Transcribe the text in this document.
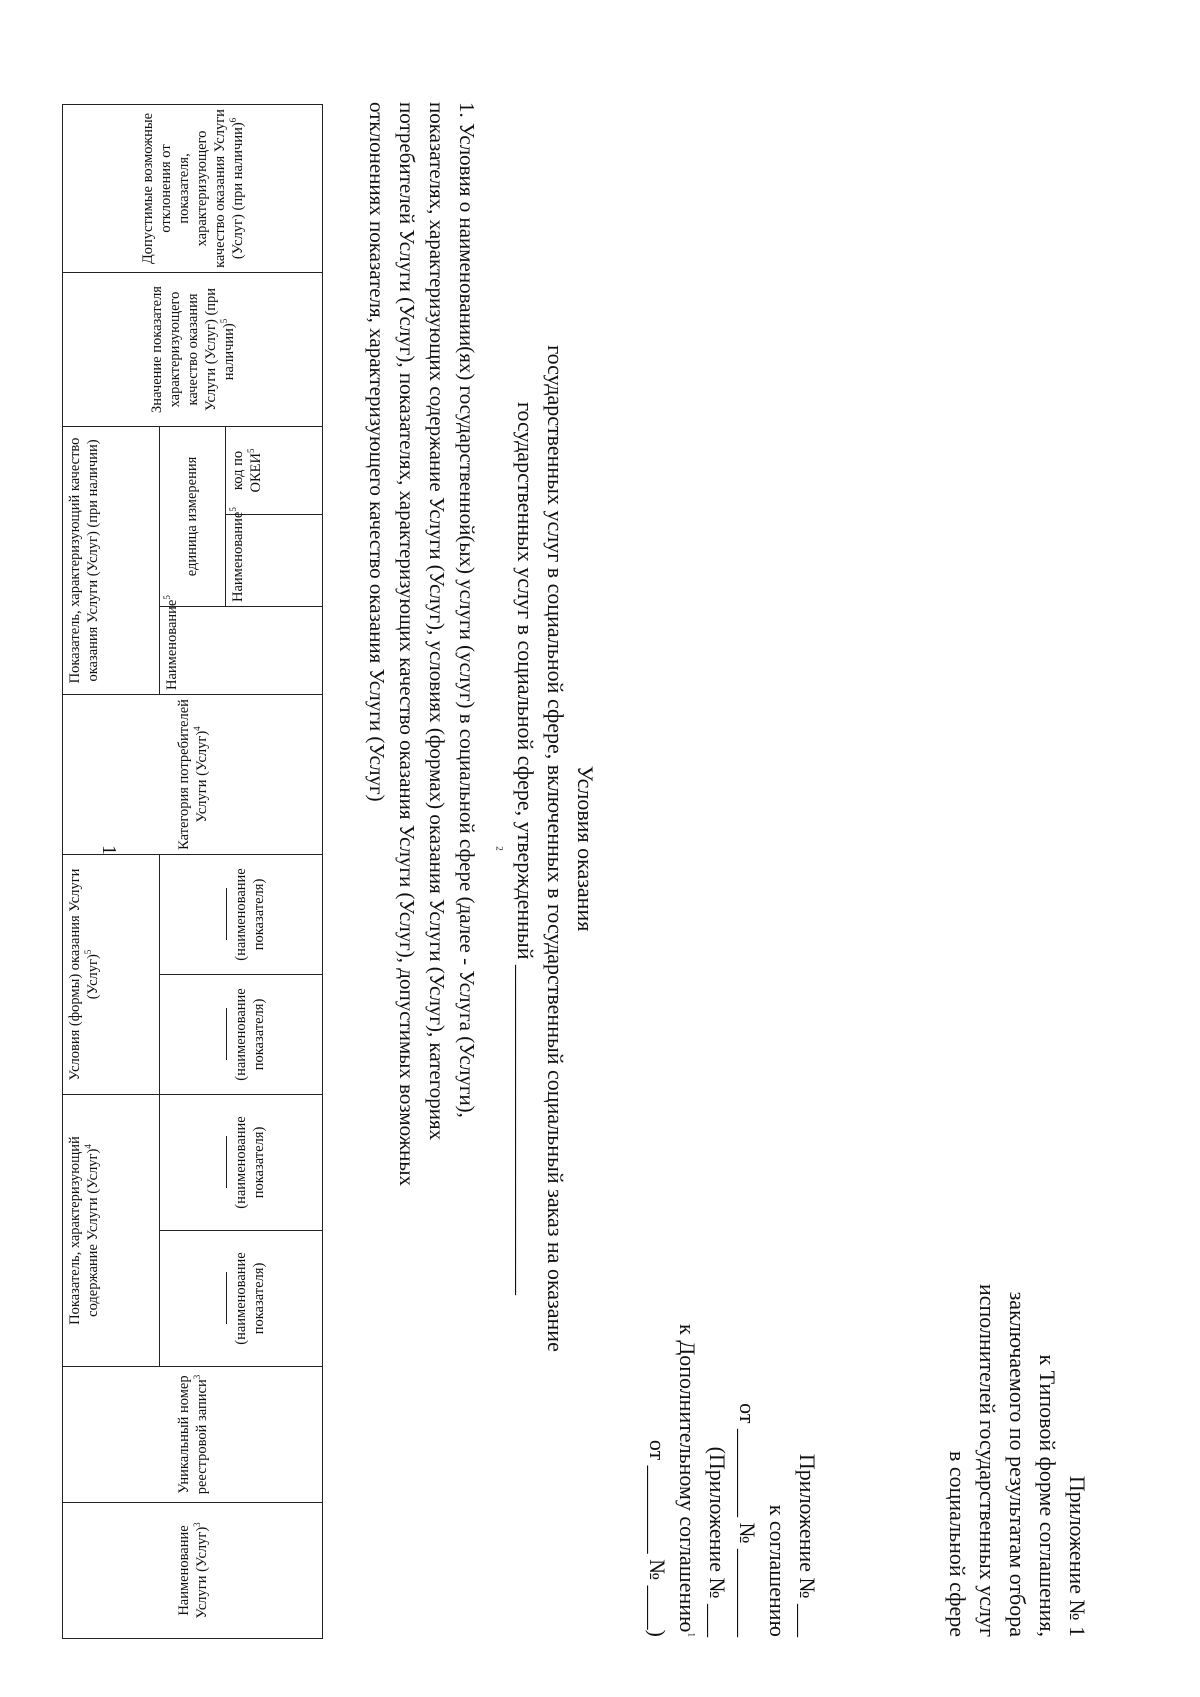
1
Приложение № 1
к Типовой форме соглашения,
заключаемого по результатам отбора
исполнителей государственных услуг
в социальной сфере
Приложение № ___
к соглашению
от ________ № ________
(Приложение № ___
к Дополнительному соглашению$^1$
от ________ № ____)
Условия оказания
государственных услуг в социальной сфере, включенных в государственный социальный заказ на оказание
государственных услуг в социальной сфере, утвержденный ______________________________
$^2$
1. Условия о наименовании(ях) государственной(ых) услуги (услуг) в социальной сфере (далее - Услуга (Услуги),
показателях, характеризующих содержание Услуги (Услуг), условиях (формах) оказания Услуги (Услуг), категориях
потребителей Услуги (Услуг), показателях, характеризующих качество оказания Услуги (Услуг), допустимых возможных
отклонениях показателя, характеризующего качество оказания Услуги (Услуг)
Наименование Услуги (Услуг)$^3$	Уникальный номер реестровой записи$^3$	Показатель, характеризующий содержание Услуги (Услуг)$^4$		Условия (формы) оказания Услуги (Услуг)$^5$		Категория потребителей Услуги (Услуг)$^4$	Показатель, характеризующий качество оказания Услуги (Услуг) (при наличии)			Значение показателя характеризующего качество оказания Услуги (Услуг) (при наличии)$^5$	Допустимые возможные отклонения от показателя, характеризующего качество оказания Услуги (Услуг) (при наличии)$^6$

(наименование показателя)	(наименование показателя)	(наименование показателя)	(наименование показателя)		Наименование$^5$	единица измерения			
								Наименование$^5$	код по ОКЕИ$^5$
